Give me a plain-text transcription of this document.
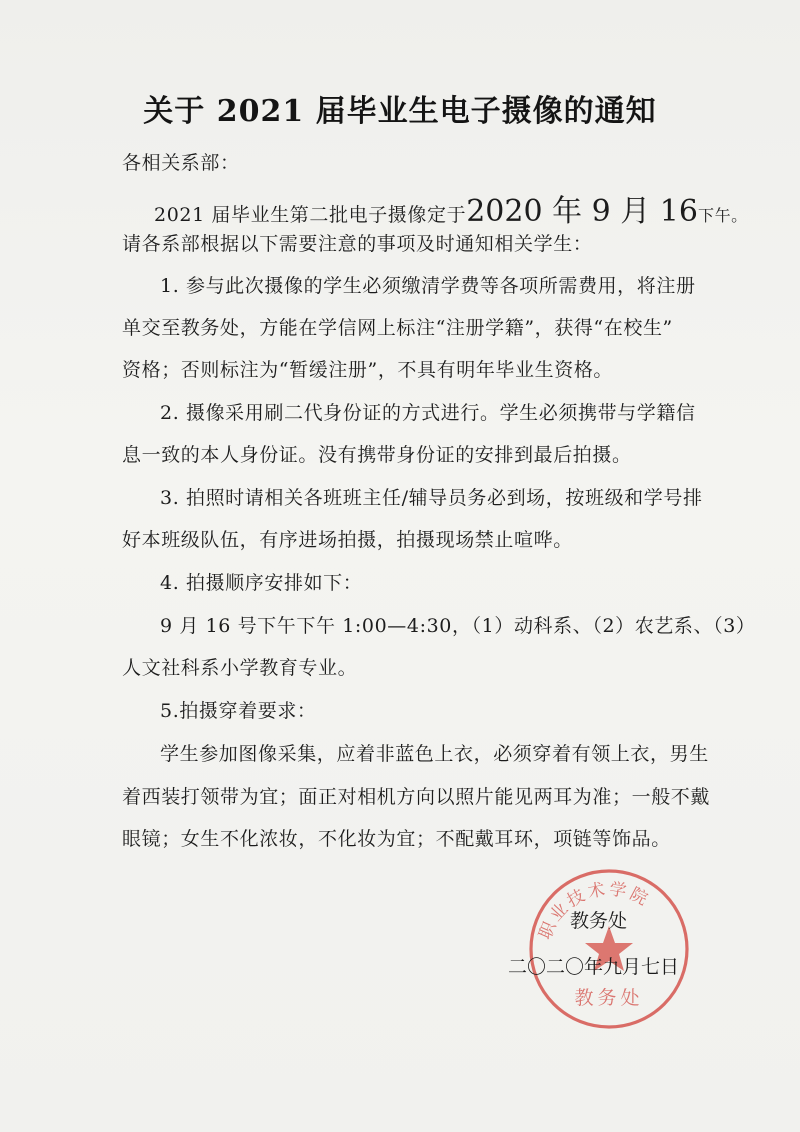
关于 2021 届毕业生电子摄像的通知
各相关系部：
2021 届毕业生第二批电子摄像定于2020 年 9 月 16下午。
请各系部根据以下需要注意的事项及时通知相关学生：
1. 参与此次摄像的学生必须缴清学费等各项所需费用，将注册
单交至教务处，方能在学信网上标注“注册学籍”，获得“在校生”
资格；否则标注为“暂缓注册”，不具有明年毕业生资格。
2. 摄像采用刷二代身份证的方式进行。学生必须携带与学籍信
息一致的本人身份证。没有携带身份证的安排到最后拍摄。
3. 拍照时请相关各班班主任/辅导员务必到场，按班级和学号排
好本班级队伍，有序进场拍摄，拍摄现场禁止喧哗。
4. 拍摄顺序安排如下：
9 月 16 号下午下午 1:00—4:30，（1）动科系、（2）农艺系、（3）
人文社科系小学教育专业。
5.拍摄穿着要求：
学生参加图像采集，应着非蓝色上衣，必须穿着有领上衣，男生
着西装打领带为宜；面正对相机方向以照片能见两耳为准；一般不戴
眼镜；女生不化浓妆，不化妆为宜；不配戴耳环，项链等饰品。
职业技术学院
教务处
教务处
二〇二〇年九月七日
